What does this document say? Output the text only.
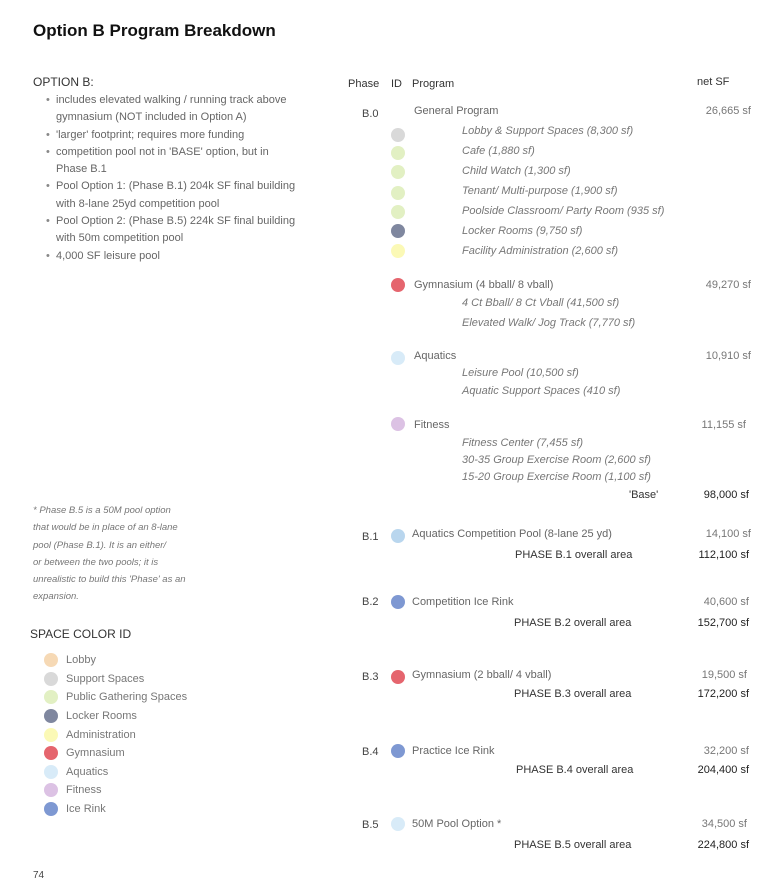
Option B Program Breakdown
OPTION B:
• includes elevated walking / running track above
gymnasium (NOT included in Option A)
• 'larger' footprint; requires more funding
• competition pool not in 'BASE' option, but in
Phase B.1
• Pool Option 1: (Phase B.1) 204k SF final building
with 8-lane 25yd competition pool
• Pool Option 2: (Phase B.5) 224k SF final building
with 50m competition pool
• 4,000 SF leisure pool
* Phase B.5 is a 50M pool option
that would be in place of an 8-lane
pool (Phase B.1). It is an either/
or between the two pools; it is
unrealistic to build this 'Phase' as an
expansion.
SPACE COLOR ID
Lobby
Support Spaces
Public Gathering Spaces
Locker Rooms
Administration
Gymnasium
Aquatics
Fitness
Ice Rink
Phase ID Program	net SF
B.0	General Program	26,665 sf
Lobby & Support Spaces (8,300 sf)
Cafe (1,880 sf)
Child Watch (1,300 sf)
Tenant/ Multi-purpose (1,900 sf)
Poolside Classroom/ Party Room (935 sf)
Locker Rooms (9,750 sf)
Facility Administration (2,600 sf)
Gymnasium (4 bball/ 8 vball)	49,270 sf
4 Ct Bball/ 8 Ct Vball (41,500 sf)
Elevated Walk/ Jog Track (7,770 sf)
Aquatics	10,910 sf
Leisure Pool (10,500 sf)
Aquatic Support Spaces (410 sf)
Fitness	11,155 sf
Fitness Center (7,455 sf)
30-35 Group Exercise Room (2,600 sf)
15-20 Group Exercise Room (1,100 sf)
'Base'	98,000 sf
B.1	Aquatics Competition Pool (8-lane 25 yd)	14,100 sf
PHASE B.1 overall area	112,100 sf
B.2	Competition Ice Rink	40,600 sf
PHASE B.2 overall area	152,700 sf
B.3	Gymnasium (2 bball/ 4 vball)	19,500 sf
PHASE B.3 overall area	172,200 sf
B.4	Practice Ice Rink	32,200 sf
PHASE B.4 overall area	204,400 sf
B.5	50M Pool Option *	34,500 sf
PHASE B.5 overall area	224,800 sf
74
